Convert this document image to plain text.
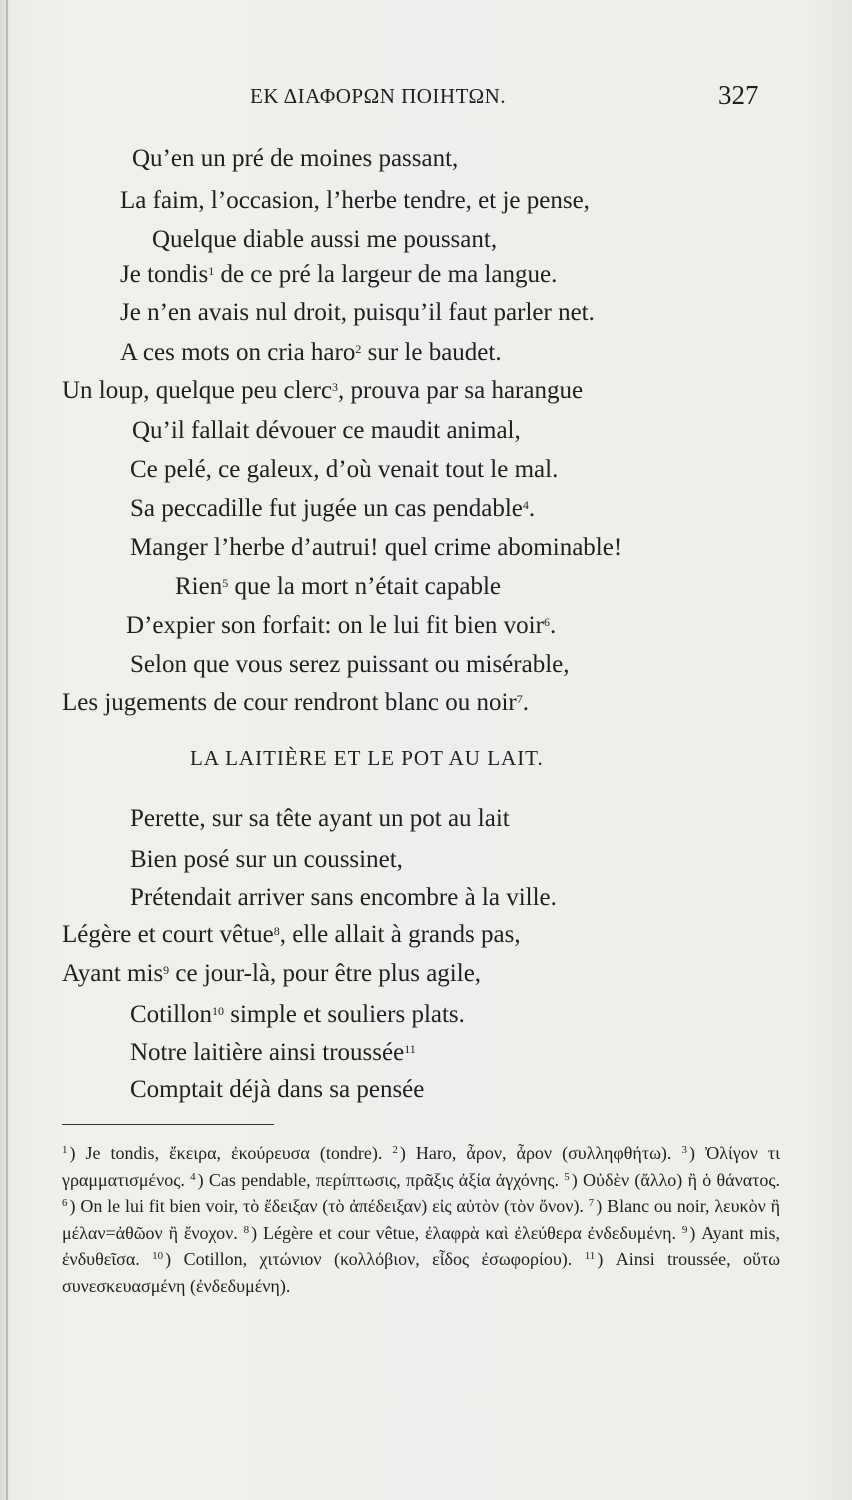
ΕΚ ΔΙΑΦΟΡΩΝ ΠΟΙΗΤΩΝ.	327
Qu’en un pré de moines passant,
La faim, l’occasion, l’herbe tendre, et je pense,
Quelque diable aussi me poussant,
Je tondis$^1$ de ce pré la largeur de ma langue.
Je n’en avais nul droit, puisqu’il faut parler net.
A ces mots on cria haro$^2$ sur le baudet.
Un loup, quelque peu clerc$^3$, prouva par sa harangue
Qu’il fallait dévouer ce maudit animal,
Ce pelé, ce galeux, d’où venait tout le mal.
Sa peccadille fut jugée un cas pendable$^4$.
Manger l’herbe d’autrui! quel crime abominable!
Rien$^5$ que la mort n’était capable
D’expier son forfait: on le lui fit bien voir$^6$.
Selon que vous serez puissant ou misérable,
Les jugements de cour rendront blanc ou noir$^7$.
LA LAITIÈRE ET LE POT AU LAIT.
Perette, sur sa tête ayant un pot au lait
Bien posé sur un coussinet,
Prétendait arriver sans encombre à la ville.
Légère et court vêtue$^8$, elle allait à grands pas,
Ayant mis$^9$ ce jour-là, pour être plus agile,
Cotillon$^{10}$ simple et souliers plats.
Notre laitière ainsi troussée$^{11}$
Comptait déjà dans sa pensée
$^1$ ) Je tondis, ἔκειρα, ἐκούρευσα (tondre). $^2$ ) Haro, ἆρον, ἆρον (συλληφθήτω). $^3$ ) Ὀλίγον τι γραμματισμένος. $^4$ ) Cas pendable, περίπτωσις, πρᾶξις ἀξία ἀγχόνης. $^5$ ) Οὐδὲν (ἄλλο) ἢ ὁ θάνατος. $^6$ ) On le lui fit bien voir, τὸ ἔδειξαν (τὸ ἀπέδειξαν) εἰς αὐτὸν (τὸν ὄνον). $^7$ ) Blanc ou noir, λευκὸν ἢ μέλαν=ἀθῶον ἢ ἔνοχον. $^8$ ) Légère et cour vêtue, ἐλαφρὰ καὶ ἐλεύθερα ἐνδεδυμένη. $^9$ ) Ayant mis, ἐνδυθεῖσα. $^{10}$ ) Cotillon, χιτώνιον (κολλόβιον, εἶδος ἐσωφορίου). $^{11}$ ) Ainsi troussée, οὕτω συνεσκευασμένη (ἐνδεδυμένη).
